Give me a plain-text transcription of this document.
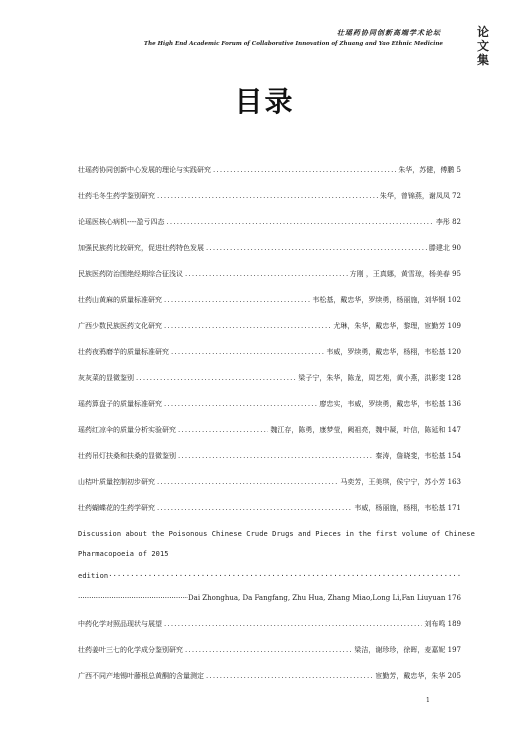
壮瑶药协同创新高端学术论坛
The High End Academic Forum of Collaborative Innovation of Zhuang and Yao Ethnic Medicine
论
文
集
目录
壮瑶药协同创新中心发展的理论与实践研究 .....	朱华，苏健，傅鹏 5
壮药毛冬生药学鉴别研究 .....	朱华，曾锦燕，谢凤凤 72
论瑶医核心病机----盈亏四态 .....	李彤 82
加强民族药比较研究，促进壮药特色发展 .....	滕建北 90
民族医药防治围绝经期综合征浅议 .....	方刚 ，王真娜，黄雪琼，杨美春 95
壮药山黄麻的质量标准研究 .....	韦松基，戴忠华，罗续勇，杨丽施，刘华钢 102
广西少数民族医药文化研究 .....	尤琳，朱华，戴忠华，黎理，宦勤芳 109
壮药夜鸦磨芋的质量标准研究 .....	韦威，罗续勇，戴忠华，杨栩，韦松基 120
灰灰菜的显微鉴别 .....	梁子宁，朱华，陈龙，周艺苑，黄小燕，洪影斐 128
瑶药算盘子的质量标准研究 .....	廖忠实，韦威，罗续勇，戴忠华，韦松基 136
瑶药红凉伞的质量分析实验研究 .....	魏江存，陈勇，康梦莹，阙祖亮，魏中凝，叶信，陈延和 147
壮药吊灯扶桑和扶桑的显微鉴别 .....	秦涛，詹晓斐，韦松基 154
山桔叶质量控制初步研究 .....	马奕芳，王美琪，侯宁宁，苏小芳 163
壮药蝴蝶花的生药学研究 .....	韦威，杨丽施，杨栩，韦松基 171
Discussion about the Poisonous Chinese Crude Drugs and Pieces in the first volume of Chinese
Pharmacopoeia of 2015
edition
·····
·····
Dai Zhonghua, Da Fangfang, Zhu Hua, Zhang Miao,Long Li,Fan Liuyuan 176
中药化学对照品现状与展望 .....	刘布鸣 189
壮药姜叶三七的化学成分鉴别研究 .....	梁洁，谢珍珍，徐晖，麦嘉妮 197
广西不同产地锡叶藤根总黄酮的含量测定 .....	宦勤芳，戴忠华，朱华 205
1
